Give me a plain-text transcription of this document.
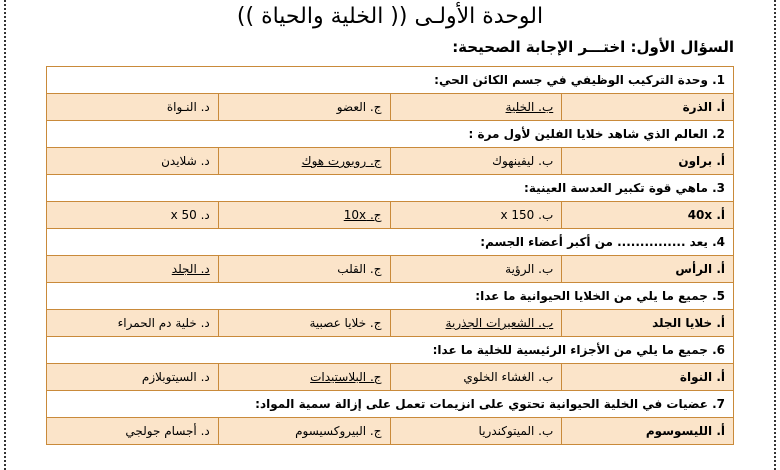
الوحدة الأولـى (( الخلية والحياة ))
السؤال الأول: اختـــر الإجابة الصحيحة:
1. وحدة التركيب الوظيفي في جسم الكائن الحي:			
أ. الذرة	ب. الخلية	ج. العضو	د. النـواة
2. العالم الذي شاهد خلايا الفلين لأول مرة :			
أ. براون	ب. ليفينهوك	ج. روبورت هوك	د. شلايدن
3. ماهي قوة تكبير العدسة العينية:			
أ. 40x	ب. x 150	ج. 10x	د. x 50
4. يعد ............... من أكبر أعضاء الجسم:			
أ. الرأس	ب. الرؤية	ج. القلب	د. الجلد
5. جميع ما يلي من الخلايا الحيوانية ما عدا:			
أ. خلايا الجلد	ب. الشعيرات الجذرية	ج. خلايا عصبية	د. خلية دم الحمراء
6. جميع ما يلي من الأجزاء الرئيسية للخلية ما عدا:			
أ. النواة	ب. الغشاء الخلوي	ج. البلاستيدات	د. السيتوبلازم
7. عضيات في الخلية الحيوانية تحتوي على انزيمات تعمل على إزالة سمية المواد:			
أ. الليسوسوم	ب. الميتوكندريا	ج. البيروكسيسوم	د. أجسام جولجي
